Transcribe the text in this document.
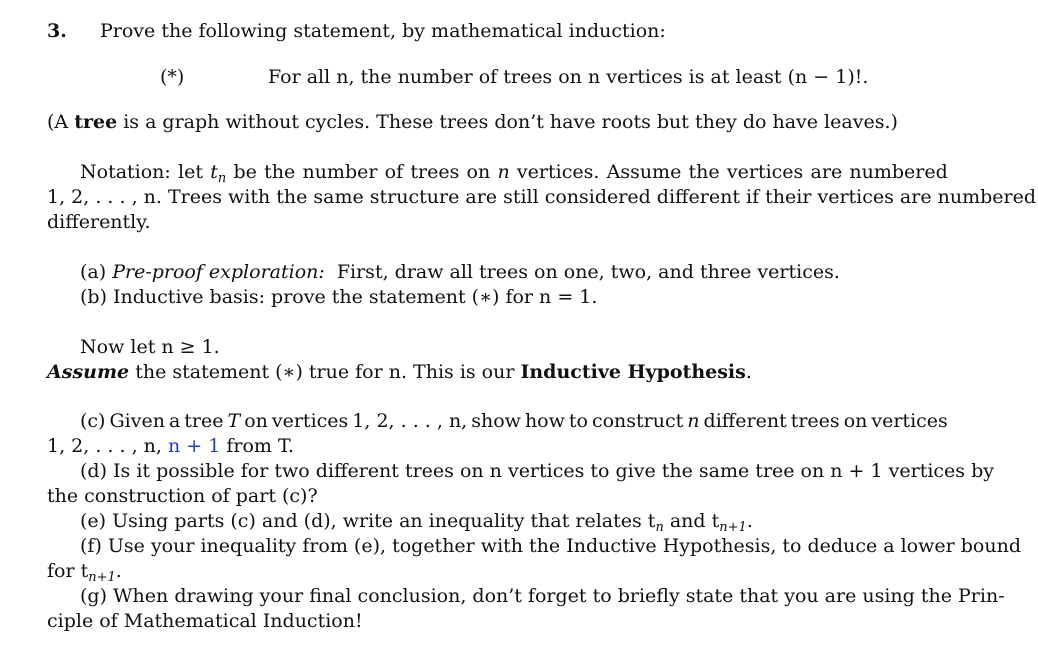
3. Prove the following statement, by mathematical induction:
(*)	For all n, the number of trees on n vertices is at least (n − 1)!.
(A tree is a graph without cycles. These trees don’t have roots but they do have leaves.)
Notation: let $t_n$ be the number of trees on n vertices. Assume the vertices are numbered
1, 2, . . . , n. Trees with the same structure are still considered different if their vertices are numbered
differently.
(a) Pre-proof exploration:  First, draw all trees on one, two, and three vertices.
(b) Inductive basis: prove the statement (∗) for n = 1.
Now let n ≥ 1.
Assume the statement (∗) true for n. This is our Inductive Hypothesis.
(c) Given a tree T on vertices 1, 2, . . . , n, show how to construct n different trees on vertices
1, 2, . . . , n, n + 1 from T.
(d) Is it possible for two different trees on n vertices to give the same tree on n + 1 vertices by
the construction of part (c)?
(e) Using parts (c) and (d), write an inequality that relates $t_n$ and $t_{n+1}$.
(f) Use your inequality from (e), together with the Inductive Hypothesis, to deduce a lower bound
for $t_{n+1}$.
(g) When drawing your final conclusion, don’t forget to briefly state that you are using the Prin-
ciple of Mathematical Induction!
